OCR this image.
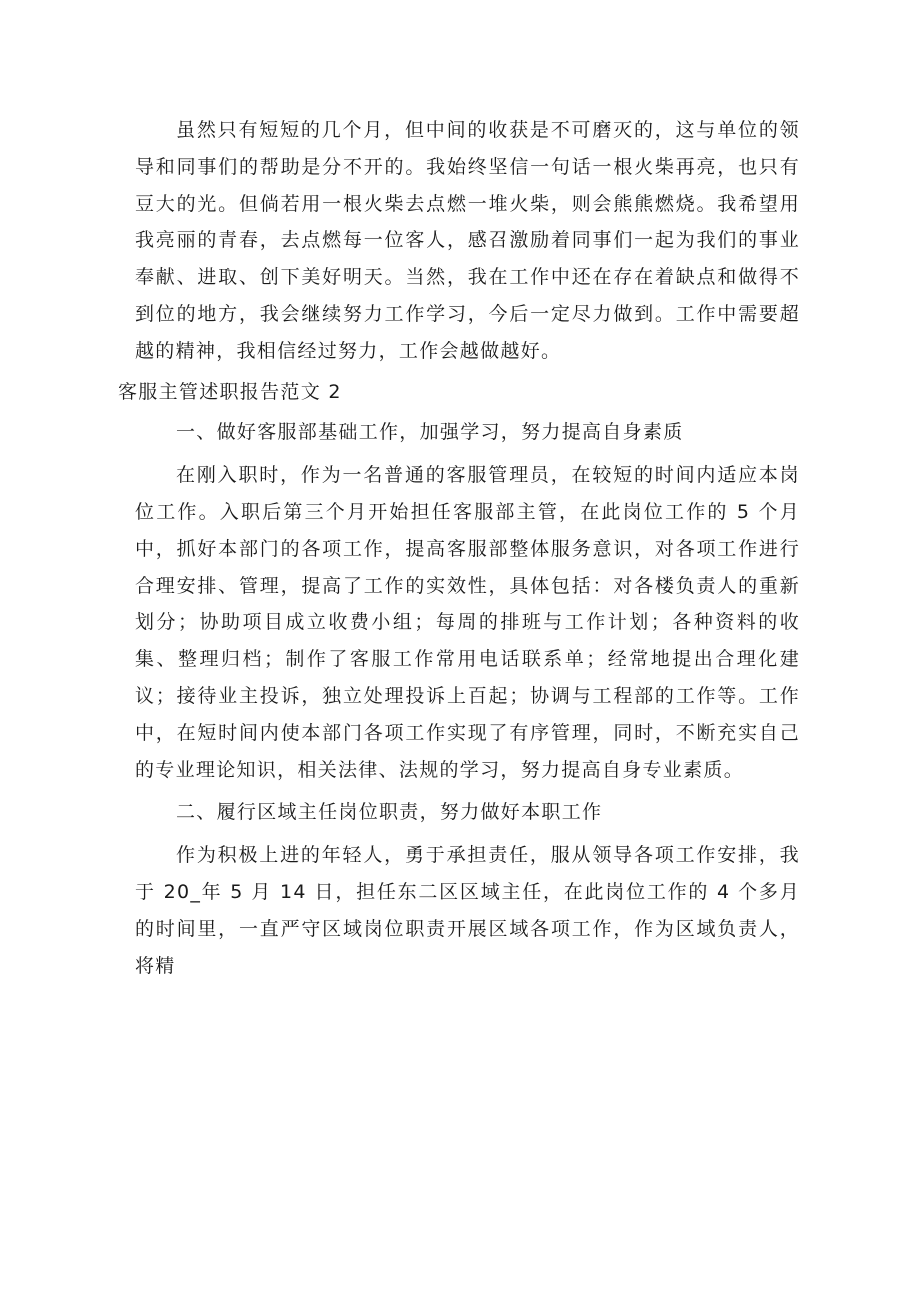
虽然只有短短的几个月，但中间的收获是不可磨灭的，这与单位的领导和同事们的帮助是分不开的。我始终坚信一句话一根火柴再亮，也只有豆大的光。但倘若用一根火柴去点燃一堆火柴，则会熊熊燃烧。我希望用我亮丽的青春，去点燃每一位客人，感召激励着同事们一起为我们的事业奉献、进取、创下美好明天。当然，我在工作中还在存在着缺点和做得不到位的地方，我会继续努力工作学习，今后一定尽力做到。工作中需要超越的精神，我相信经过努力，工作会越做越好。

客服主管述职报告范文 2

一、做好客服部基础工作，加强学习，努力提高自身素质

在刚入职时，作为一名普通的客服管理员，在较短的时间内适应本岗位工作。入职后第三个月开始担任客服部主管，在此岗位工作的 5 个月中，抓好本部门的各项工作，提高客服部整体服务意识，对各项工作进行合理安排、管理，提高了工作的实效性，具体包括：对各楼负责人的重新划分；协助项目成立收费小组；每周的排班与工作计划；各种资料的收集、整理归档；制作了客服工作常用电话联系单；经常地提出合理化建议；接待业主投诉，独立处理投诉上百起；协调与工程部的工作等。工作中，在短时间内使本部门各项工作实现了有序管理，同时，不断充实自己的专业理论知识，相关法律、法规的学习，努力提高自身专业素质。

二、履行区域主任岗位职责，努力做好本职工作

作为积极上进的年轻人，勇于承担责任，服从领导各项工作安排，我于 20_年 5 月 14 日，担任东二区区域主任，在此岗位工作的 4 个多月的时间里，一直严守区域岗位职责开展区域各项工作，作为区域负责人，将精
